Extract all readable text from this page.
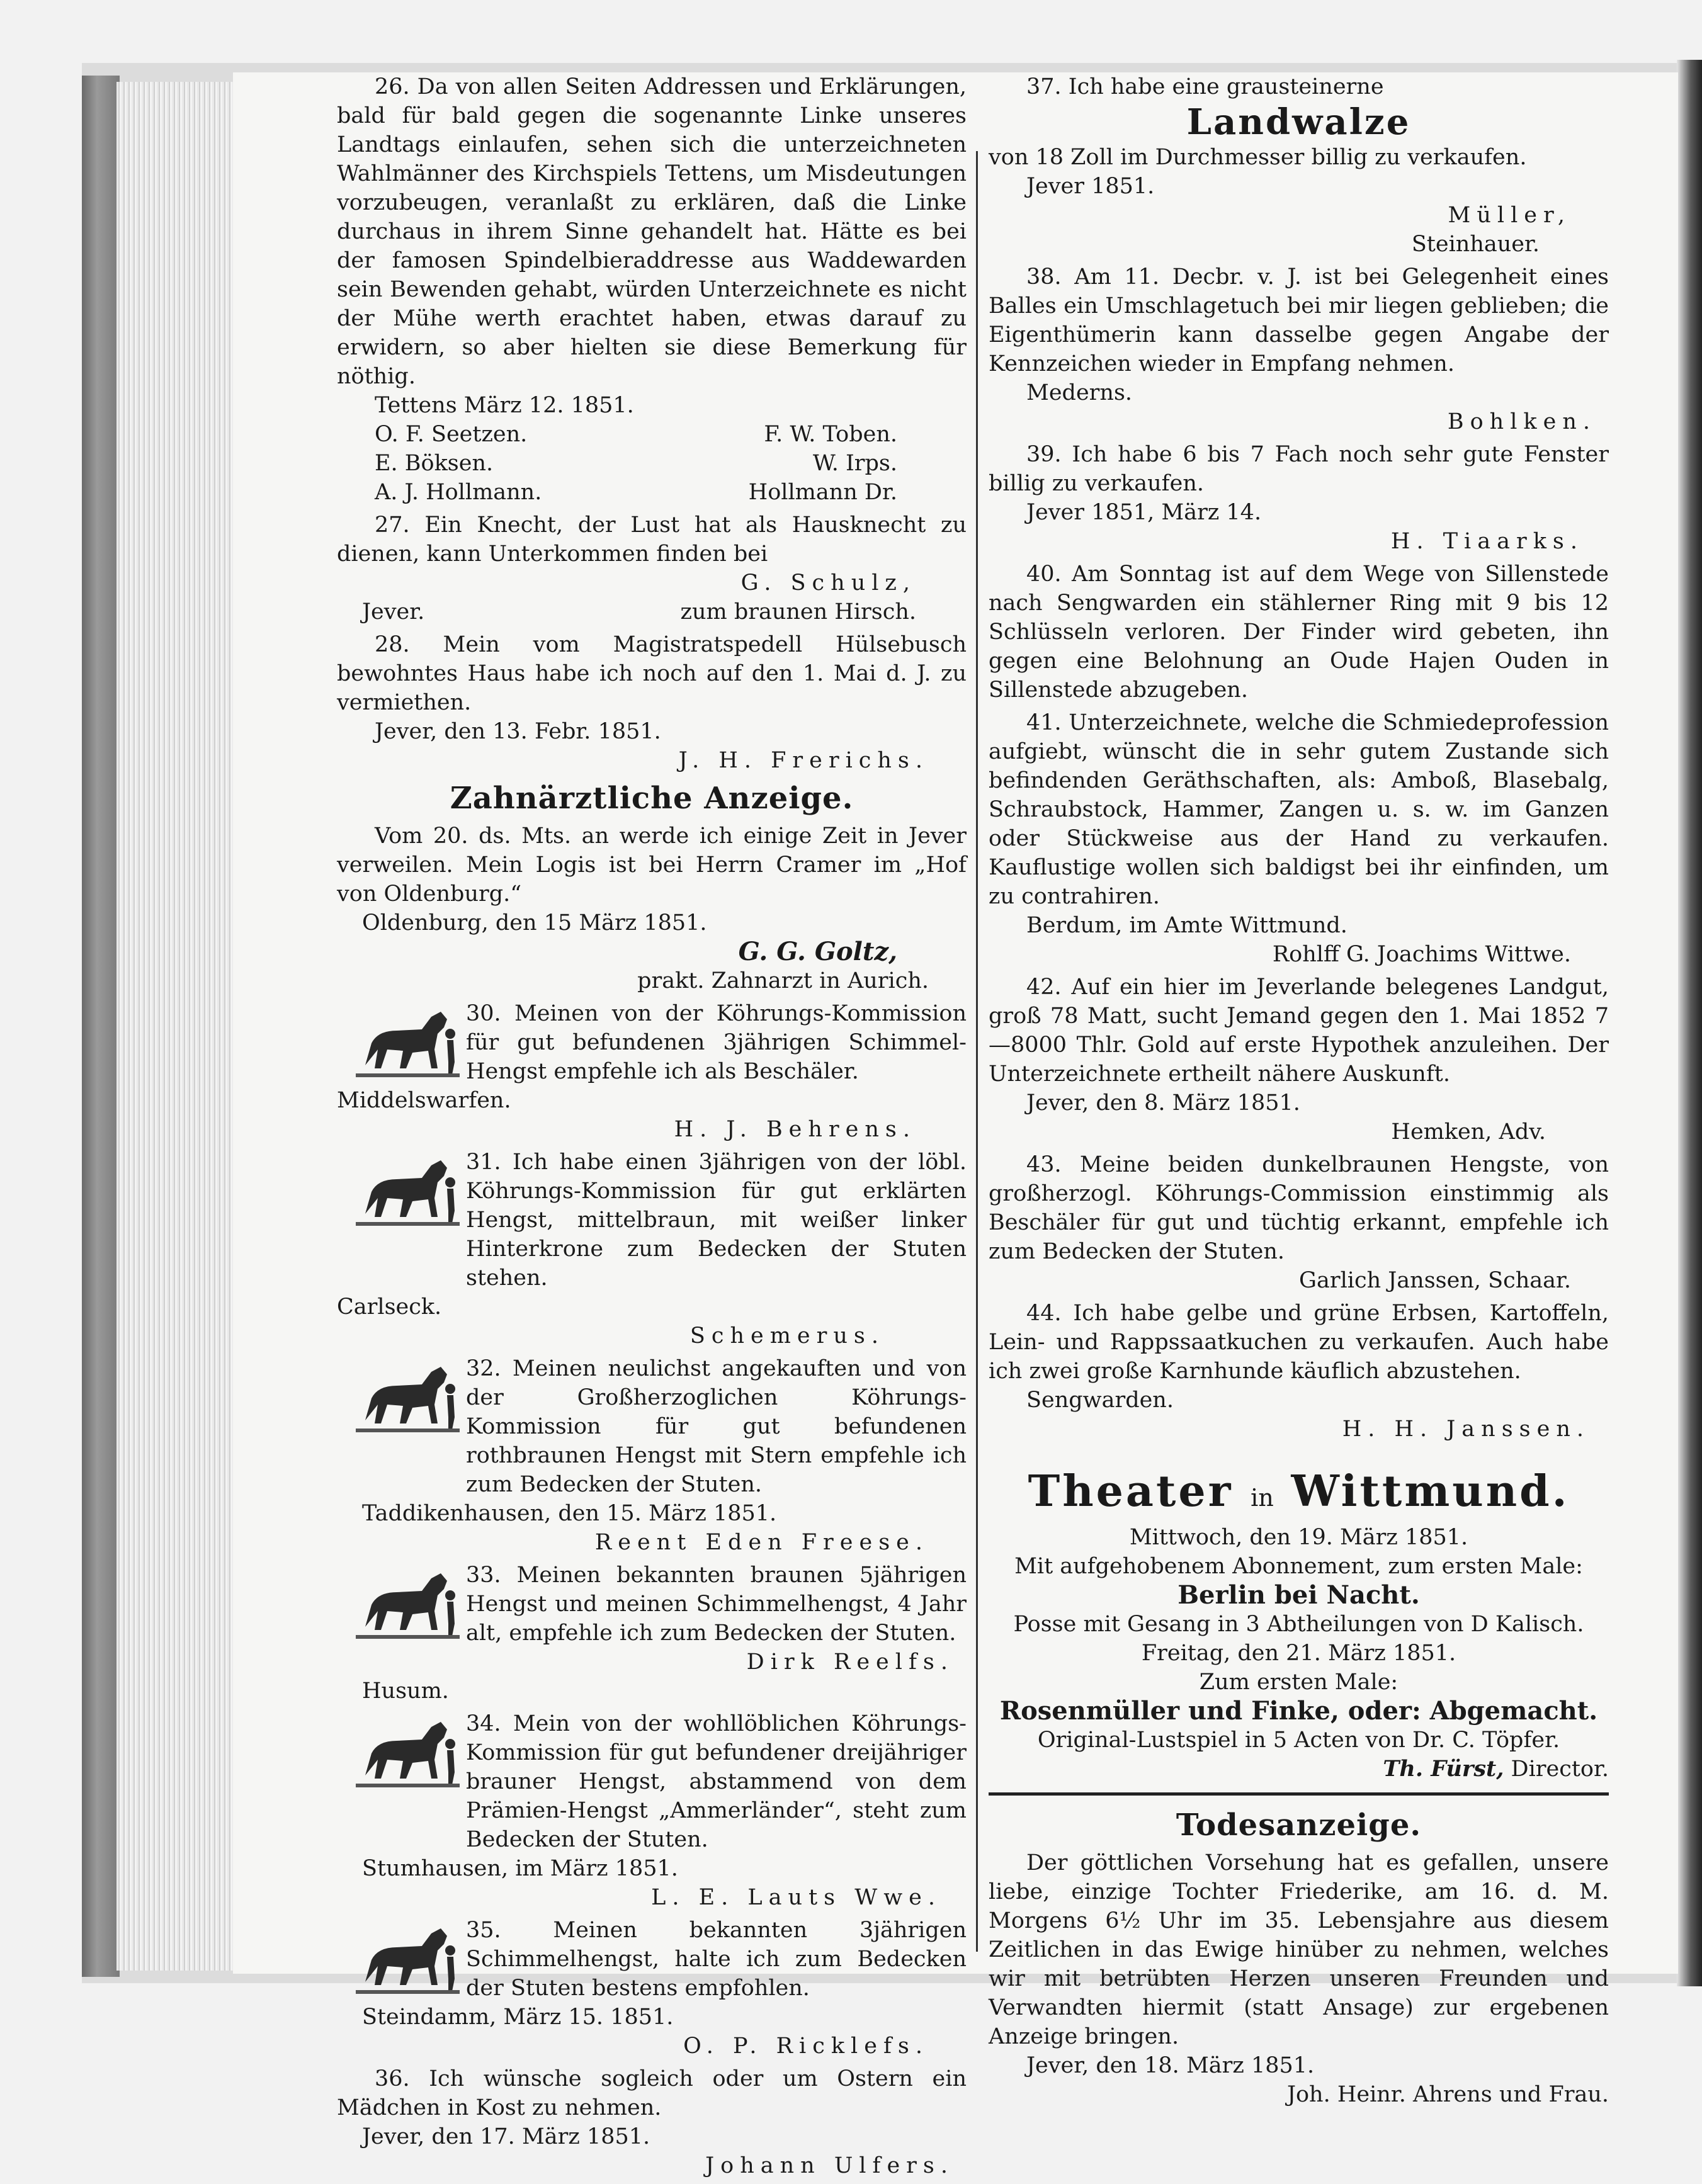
26. Da von allen Seiten Addressen und Erklärungen, bald für bald gegen die sogenannte Linke unseres Landtags einlaufen, sehen sich die unterzeichneten Wahlmänner des Kirchspiels Tettens, um Misdeutungen vorzubeugen, veranlaßt zu erklären, daß die Linke durchaus in ihrem Sinne gehandelt hat. Hätte es bei der famosen Spindelbieraddresse aus Waddewarden sein Bewenden gehabt, würden Unterzeichnete es nicht der Mühe werth erachtet haben, etwas darauf zu erwidern, so aber hielten sie diese Bemerkung für nöthig.

Tettens März 12. 1851.
O. F. Seetzen.	F. W. Toben.
E. Böksen.	W. Irps.
A. J. Hollmann.	Hollmann Dr.

27. Ein Knecht, der Lust hat als Hausknecht zu dienen, kann Unterkommen finden bei

G. Schulz,
Jever.	zum braunen Hirsch.

28. Mein vom Magistratspedell Hülsebusch bewohntes Haus habe ich noch auf den 1. Mai d. J. zu vermiethen.

Jever, den 13. Febr. 1851.
J. H. Frerichs.
Zahnärztliche Anzeige.

Vom 20. ds. Mts. an werde ich einige Zeit in Jever verweilen. Mein Logis ist bei Herrn Cramer im „Hof von Oldenburg.“

Oldenburg, den 15 März 1851.
G. G. Goltz,
prakt. Zahnarzt in Aurich.
30. Meinen von der Köhrungs-Kommission für gut befundenen 3jährigen Schimmel-Hengst empfehle ich als Beschäler.
Middelswarfen.
H. J. Behrens.
31. Ich habe einen 3jährigen von der löbl. Köhrungs-Kommission für gut erklärten Hengst, mittelbraun, mit weißer linker Hinterkrone zum Bedecken der Stuten stehen.
Carlseck.
Schemerus.
32. Meinen neulichst angekauften und von der Großherzoglichen Köhrungs-Kommission für gut befundenen rothbraunen Hengst mit Stern empfehle ich zum Bedecken der Stuten.
Taddikenhausen, den 15. März 1851.
Reent Eden Freese.
33. Meinen bekannten braunen 5jährigen Hengst und meinen Schimmelhengst, 4 Jahr alt, empfehle ich zum Bedecken der Stuten.
Dirk Reelfs.
Husum.
34. Mein von der wohllöblichen Köhrungs-Kommission für gut befundener dreijähriger brauner Hengst, abstammend von dem Prämien-Hengst „Ammerländer“, steht zum Bedecken der Stuten.
Stumhausen, im März 1851.
L. E. Lauts Wwe.
35. Meinen bekannten 3jährigen Schimmelhengst, halte ich zum Bedecken der Stuten bestens empfohlen.
Steindamm, März 15. 1851.
O. P. Ricklefs.

36. Ich wünsche sogleich oder um Ostern ein Mädchen in Kost zu nehmen.

Jever, den 17. März 1851.
Johann Ulfers.

37. Ich habe eine grausteinerne

Landwalze
von 18 Zoll im Durchmesser billig zu verkaufen.
Jever 1851.
Müller,
Steinhauer.

38. Am 11. Decbr. v. J. ist bei Gelegenheit eines Balles ein Umschlagetuch bei mir liegen geblieben; die Eigenthümerin kann dasselbe gegen Angabe der Kennzeichen wieder in Empfang nehmen.

Mederns.
Bohlken.

39. Ich habe 6 bis 7 Fach noch sehr gute Fenster billig zu verkaufen.

Jever 1851, März 14.
H. Tiaarks.

40. Am Sonntag ist auf dem Wege von Sillenstede nach Sengwarden ein stählerner Ring mit 9 bis 12 Schlüsseln verloren. Der Finder wird gebeten, ihn gegen eine Belohnung an Oude Hajen Ouden in Sillenstede abzugeben.

41. Unterzeichnete, welche die Schmiedeprofession aufgiebt, wünscht die in sehr gutem Zustande sich befindenden Geräthschaften, als: Amboß, Blasebalg, Schraubstock, Hammer, Zangen u. s. w. im Ganzen oder Stückweise aus der Hand zu verkaufen. Kauflustige wollen sich baldigst bei ihr einfinden, um zu contrahiren.

Berdum, im Amte Wittmund.
Rohlff G. Joachims Wittwe.

42. Auf ein hier im Jeverlande belegenes Landgut, groß 78 Matt, sucht Jemand gegen den 1. Mai 1852 7—8000 Thlr. Gold auf erste Hypothek anzuleihen. Der Unterzeichnete ertheilt nähere Auskunft.

Jever, den 8. März 1851.
Hemken, Adv.

43. Meine beiden dunkelbraunen Hengste, von großherzogl. Köhrungs-Commission einstimmig als Beschäler für gut und tüchtig erkannt, empfehle ich zum Bedecken der Stuten.

Garlich Janssen, Schaar.

44. Ich habe gelbe und grüne Erbsen, Kartoffeln, Lein- und Rappssaatkuchen zu verkaufen. Auch habe ich zwei große Karnhunde käuflich abzustehen.

Sengwarden.
H. H. Janssen.
Theater in Wittmund.
Mittwoch, den 19. März 1851.
Mit aufgehobenem Abonnement, zum ersten Male:
Berlin bei Nacht.
Posse mit Gesang in 3 Abtheilungen von D Kalisch.
Freitag, den 21. März 1851.
Zum ersten Male:
Rosenmüller und Finke, oder: Abgemacht.
Original-Lustspiel in 5 Acten von Dr. C. Töpfer.
Th. Fürst, Director.
Todesanzeige.

Der göttlichen Vorsehung hat es gefallen, unsere liebe, einzige Tochter Friederike, am 16. d. M. Morgens 6½ Uhr im 35. Lebensjahre aus diesem Zeitlichen in das Ewige hinüber zu nehmen, welches wir mit betrübten Herzen unseren Freunden und Verwandten hiermit (statt Ansage) zur ergebenen Anzeige bringen.

Jever, den 18. März 1851.
Joh. Heinr. Ahrens und Frau.
